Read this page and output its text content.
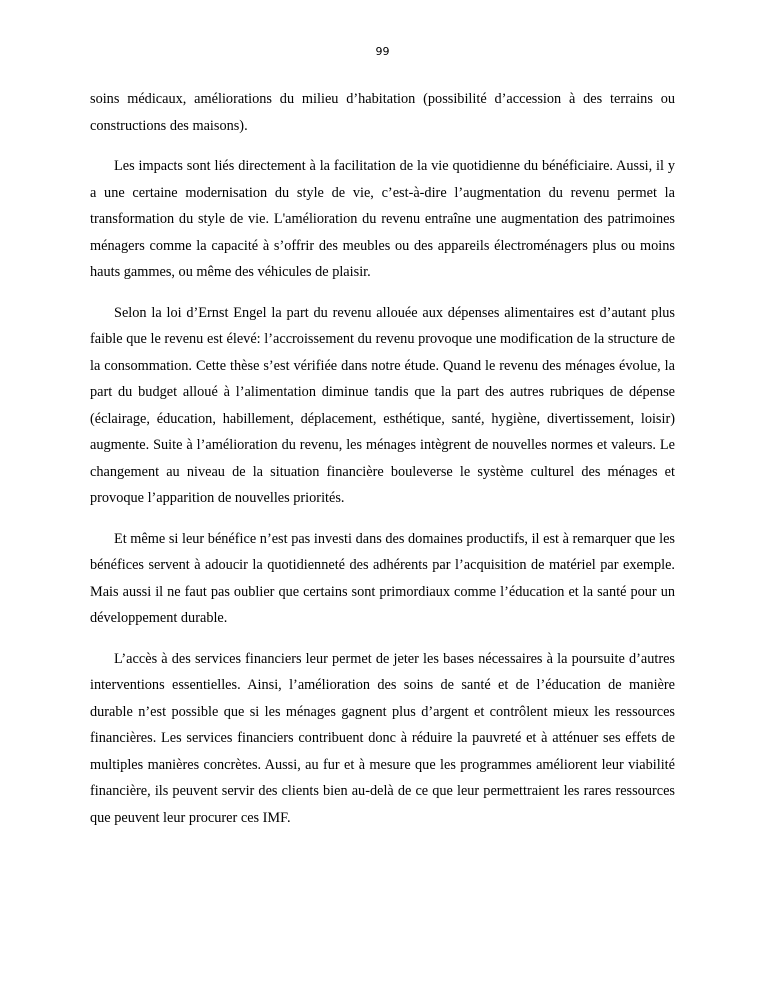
99

soins médicaux, améliorations du milieu d’habitation (possibilité d’accession à des terrains ou constructions des maisons).

Les impacts sont liés directement à la facilitation de la vie quotidienne du bénéficiaire. Aussi, il y a une certaine modernisation du style de vie, c’est-à-dire l’augmentation du revenu permet la transformation du style de vie. L'amélioration du revenu entraîne une augmentation des patrimoines ménagers comme la capacité à s’offrir des meubles ou des appareils électroménagers plus ou moins hauts gammes, ou même des véhicules de plaisir.

Selon la loi d’Ernst Engel la part du revenu allouée aux dépenses alimentaires est d’autant plus faible que le revenu est élevé: l’accroissement du revenu provoque une modification de la structure de la consommation. Cette thèse s’est vérifiée dans notre étude. Quand le revenu des ménages évolue, la part du budget alloué à l’alimentation diminue tandis que la part des autres rubriques de dépense (éclairage, éducation, habillement, déplacement, esthétique, santé, hygiène, divertissement, loisir) augmente. Suite à l’amélioration du revenu, les ménages intègrent de nouvelles normes et valeurs. Le changement au niveau de la situation financière bouleverse le système culturel des ménages et provoque l’apparition de nouvelles priorités.

Et même si leur bénéfice n’est pas investi dans des domaines productifs, il est à remarquer que les bénéfices servent à adoucir la quotidienneté des adhérents par l’acquisition de matériel par exemple. Mais aussi il ne faut pas oublier que certains sont primordiaux comme l’éducation et la santé pour un développement durable.

L’accès à des services financiers leur permet de jeter les bases nécessaires à la poursuite d’autres interventions essentielles. Ainsi, l’amélioration des soins de santé et de l’éducation de manière durable n’est possible que si les ménages gagnent plus d’argent et contrôlent mieux les ressources financières. Les services financiers contribuent donc à réduire la pauvreté et à atténuer ses effets de multiples manières concrètes. Aussi, au fur et à mesure que les programmes améliorent leur viabilité financière, ils peuvent servir des clients bien au-delà de ce que leur permettraient les rares ressources que peuvent leur procurer ces IMF.
